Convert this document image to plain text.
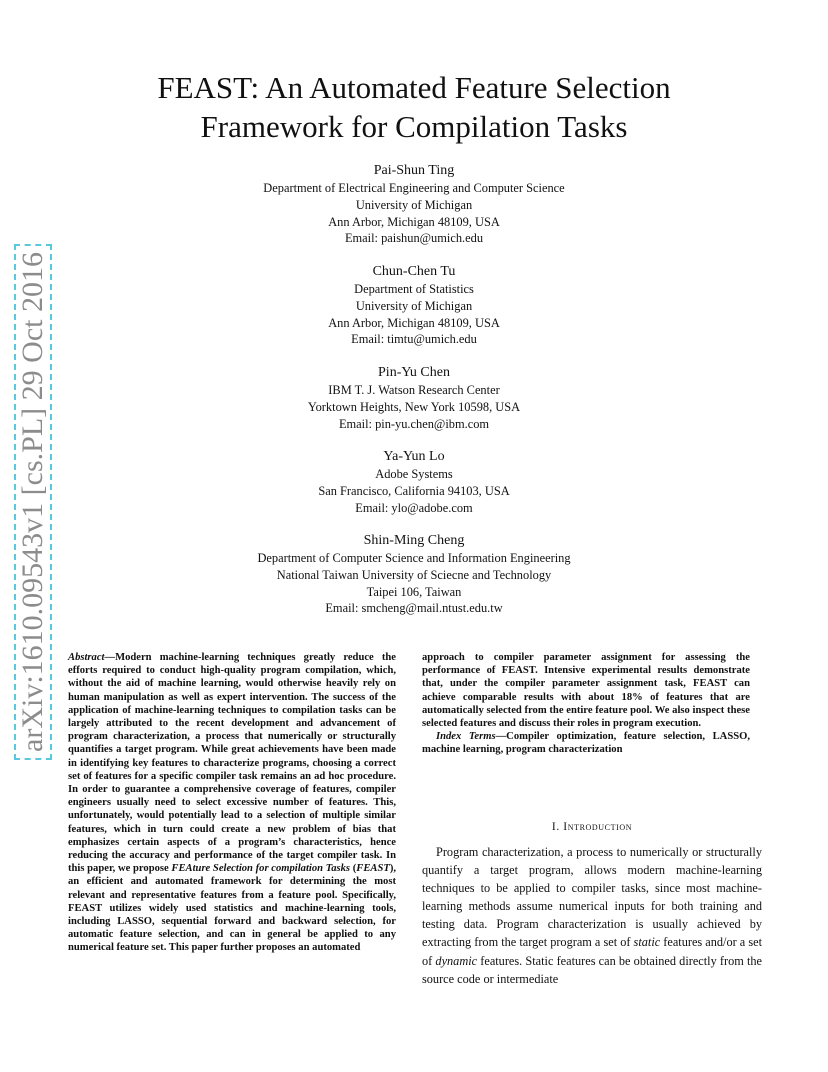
arXiv:1610.09543v1 [cs.PL] 29 Oct 2016
FEAST: An Automated Feature Selection
Framework for Compilation Tasks
Pai-Shun Ting
Department of Electrical Engineering and Computer Science
University of Michigan
Ann Arbor, Michigan 48109, USA
Email: paishun@umich.edu
Chun-Chen Tu
Department of Statistics
University of Michigan
Ann Arbor, Michigan 48109, USA
Email: timtu@umich.edu
Pin-Yu Chen
IBM T. J. Watson Research Center
Yorktown Heights, New York 10598, USA
Email: pin-yu.chen@ibm.com
Ya-Yun Lo
Adobe Systems
San Francisco, California 94103, USA
Email: ylo@adobe.com
Shin-Ming Cheng
Department of Computer Science and Information Engineering
National Taiwan University of Sciecne and Technology
Taipei 106, Taiwan
Email: smcheng@mail.ntust.edu.tw

Abstract—Modern machine-learning techniques greatly reduce the efforts required to conduct high-quality program compilation, which, without the aid of machine learning, would otherwise heavily rely on human manipulation as well as expert intervention. The success of the application of machine-learning techniques to compilation tasks can be largely attributed to the recent development and advancement of program characterization, a process that numerically or structurally quantifies a target program. While great achievements have been made in identifying key features to characterize programs, choosing a correct set of features for a specific compiler task remains an ad hoc procedure. In order to guarantee a comprehensive coverage of features, compiler engineers usually need to select excessive number of features. This, unfortunately, would potentially lead to a selection of multiple similar features, which in turn could create a new problem of bias that emphasizes certain aspects of a program’s characteristics, hence reducing the accuracy and performance of the target compiler task. In this paper, we propose FEAture Selection for compilation Tasks (FEAST), an efficient and automated framework for determining the most relevant and representative features from a feature pool. Specifically, FEAST utilizes widely used statistics and machine-learning tools, including LASSO, sequential forward and backward selection, for automatic feature selection, and can in general be applied to any numerical feature set. This paper further proposes an automated

approach to compiler parameter assignment for assessing the performance of FEAST. Intensive experimental results demonstrate that, under the compiler parameter assignment task, FEAST can achieve comparable results with about 18% of features that are automatically selected from the entire feature pool. We also inspect these selected features and discuss their roles in program execution.

Index Terms—Compiler optimization, feature selection, LASSO, machine learning, program characterization

I. Introduction

Program characterization, a process to numerically or structurally quantify a target program, allows modern machine-learning techniques to be applied to compiler tasks, since most machine-learning methods assume numerical inputs for both training and testing data. Program characterization is usually achieved by extracting from the target program a set of static features and/or a set of dynamic features. Static features can be obtained directly from the source code or intermediate
